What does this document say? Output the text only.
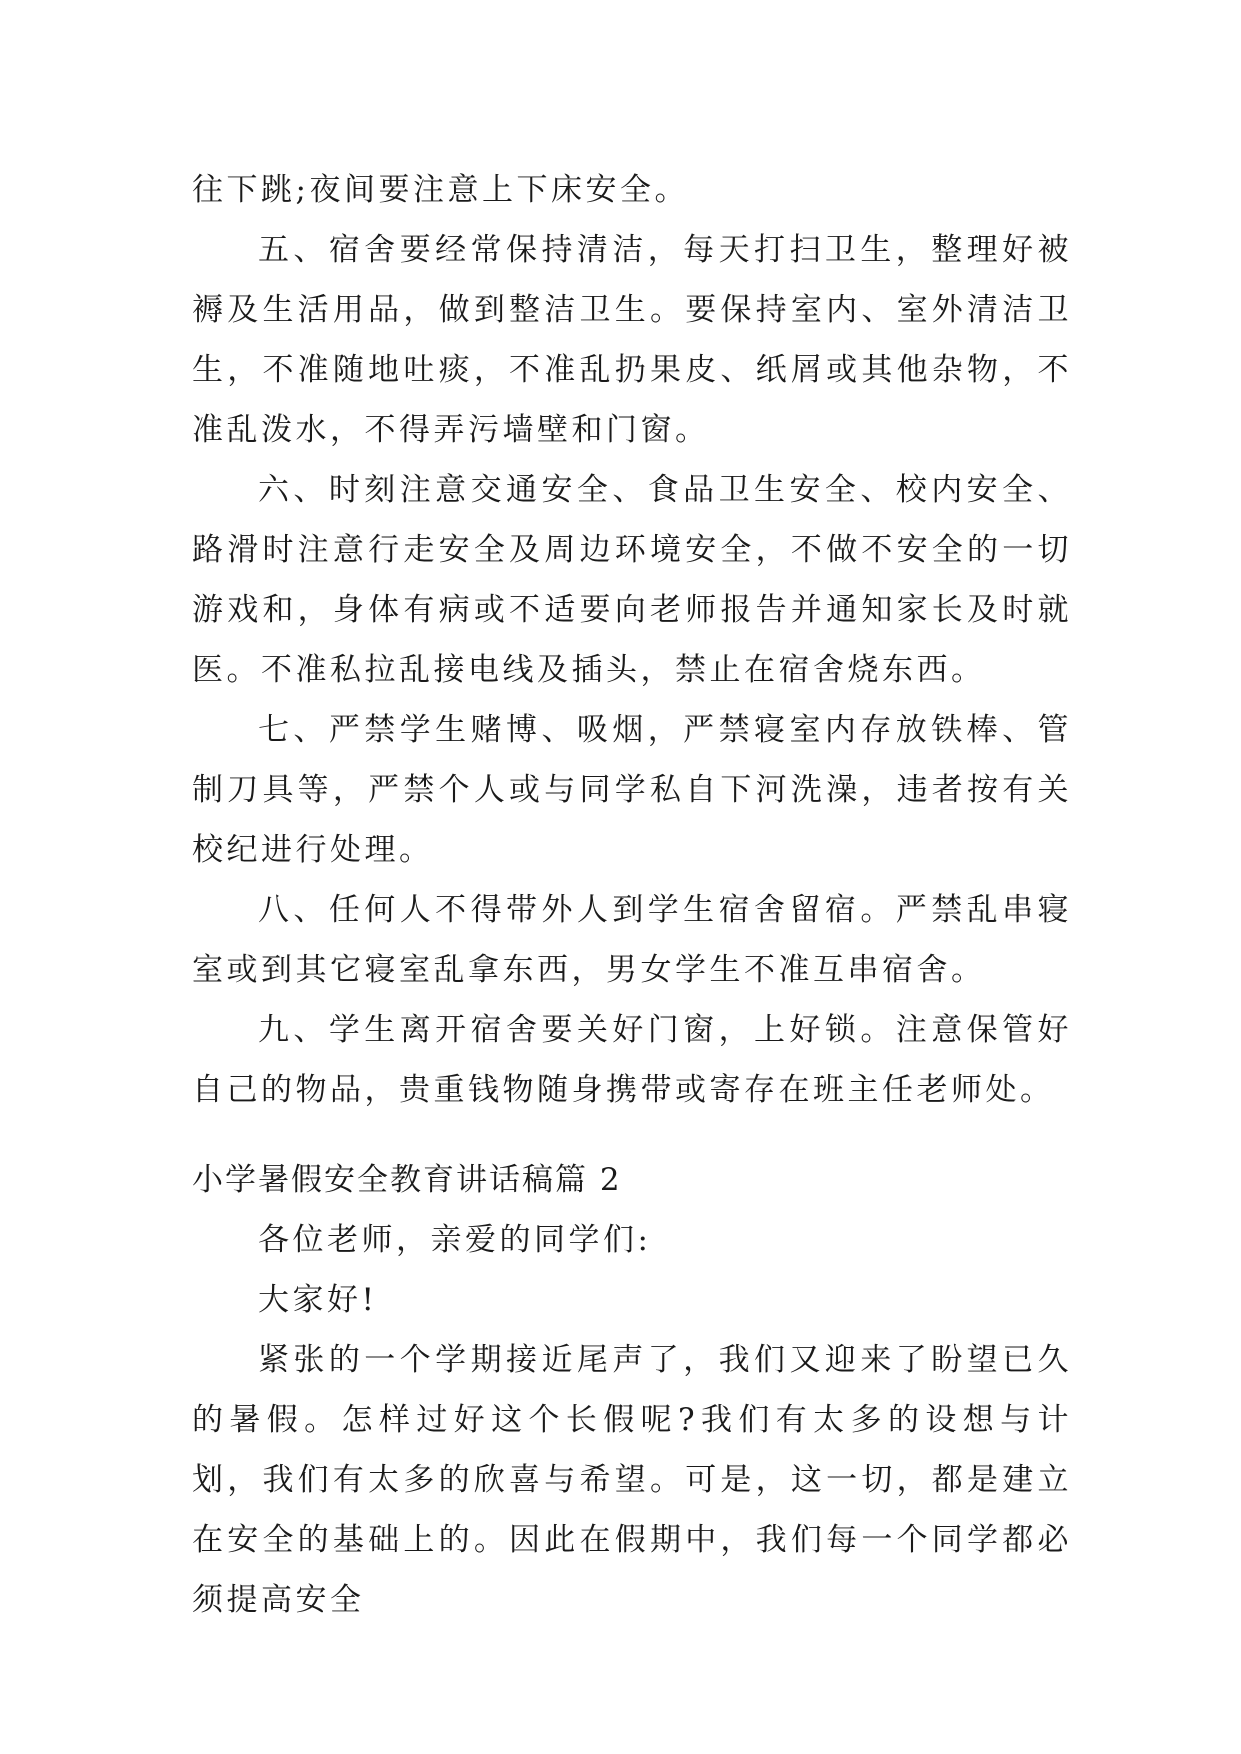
往下跳;夜间要注意上下床安全。

五、宿舍要经常保持清洁，每天打扫卫生，整理好被褥及生活用品，做到整洁卫生。要保持室内、室外清洁卫生，不准随地吐痰，不准乱扔果皮、纸屑或其他杂物，不准乱泼水，不得弄污墙壁和门窗。

六、时刻注意交通安全、食品卫生安全、校内安全、路滑时注意行走安全及周边环境安全，不做不安全的一切游戏和，身体有病或不适要向老师报告并通知家长及时就医。不准私拉乱接电线及插头，禁止在宿舍烧东西。

七、严禁学生赌博、吸烟，严禁寝室内存放铁棒、管制刀具等，严禁个人或与同学私自下河洗澡，违者按有关校纪进行处理。

八、任何人不得带外人到学生宿舍留宿。严禁乱串寝室或到其它寝室乱拿东西，男女学生不准互串宿舍。

九、学生离开宿舍要关好门窗，上好锁。注意保管好自己的物品，贵重钱物随身携带或寄存在班主任老师处。

小学暑假安全教育讲话稿篇 2

各位老师，亲爱的同学们:

大家好!

紧张的一个学期接近尾声了，我们又迎来了盼望已久的暑假。怎样过好这个长假呢?我们有太多的设想与计划，我们有太多的欣喜与希望。可是，这一切，都是建立在安全的基础上的。因此在假期中，我们每一个同学都必须提高安全
